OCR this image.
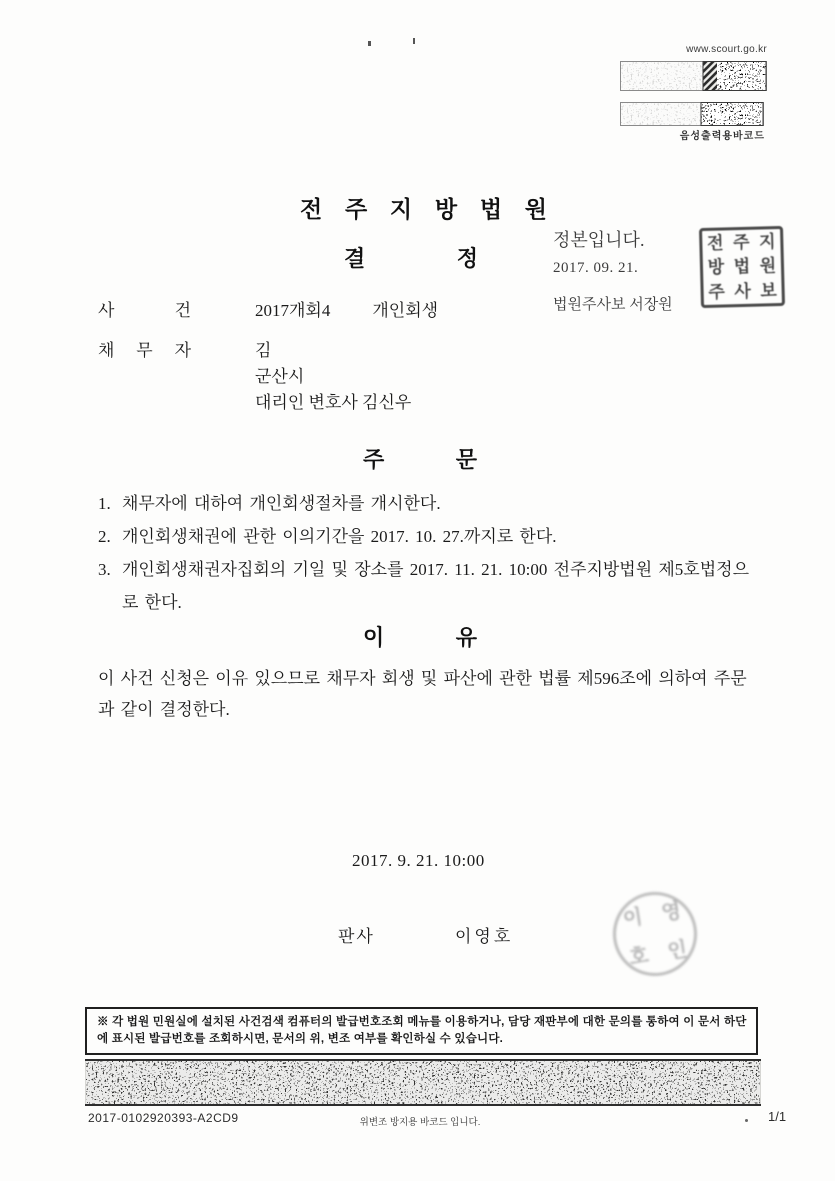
www.scourt.go.kr
음성출력용바코드
전 주 지 방 법 원
결	정
정본입니다.
2017. 09. 21.
법원주사보 서장원
전 주 지
방 법 원
주 사 보
사	건	2017개회4 개인회생
채 무 자	김
군산시
대리인 변호사 김신우
주	문
1. 채무자에 대하여 개인회생절차를 개시한다.
2. 개인회생채권에 관한 이의기간을 2017. 10. 27.까지로 한다.
3. 개인회생채권자집회의 기일 및 장소를 2017. 11. 21. 10:00 전주지방법원 제5호법정으로 한다.
이	유
이 사건 신청은 이유 있으므로 채무자 회생 및 파산에 관한 법률 제596조에 의하여 주문과 같이 결정한다.
2017. 9. 21. 10:00
판사	이영호
이 영
호 인
※ 각 법원 민원실에 설치된 사건검색 컴퓨터의 발급번호조회 메뉴를 이용하거나, 담당 재판부에 대한 문의를 통하여 이 문서 하단에 표시된 발급번호를 조회하시면, 문서의 위, 변조 여부를 확인하실 수 있습니다.
2017-0102920393-A2CD9	위변조 방지용 바코드 입니다.	1/1
